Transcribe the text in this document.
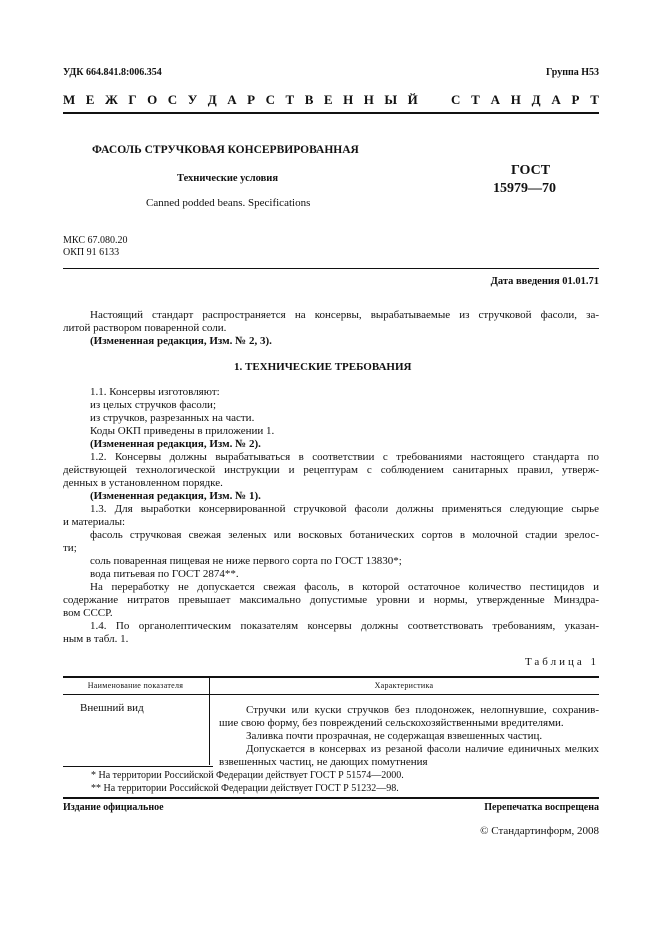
УДК 664.841.8:006.354	Группа Н53
М Е Ж Г О С У Д А Р С Т В Е Н Н Ы Й	С Т А Н Д А Р Т
ФАСОЛЬ СТРУЧКОВАЯ КОНСЕРВИРОВАННАЯ
Технические условия
Canned podded beans. Specifications
ГОСТ
15979—70
МКС 67.080.20
ОКП 91 6133
Дата введения 01.01.71
Настоящий стандарт распространяется на консервы, вырабатываемые из стручковой фасоли, за-
литой раствором поваренной соли.
(Измененная редакция, Изм. № 2, 3).
1. ТЕХНИЧЕСКИЕ ТРЕБОВАНИЯ
1.1. Консервы изготовляют:
из целых стручков фасоли;
из стручков, разрезанных на части.
Коды ОКП приведены в приложении 1.
(Измененная редакция, Изм. № 2).
1.2. Консервы должны вырабатываться в соответствии с требованиями настоящего стандарта по
действующей технологической инструкции и рецептурам с соблюдением санитарных правил, утверж-
денных в установленном порядке.
(Измененная редакция, Изм. № 1).
1.3. Для выработки консервированной стручковой фасоли должны применяться следующие сырье
и материалы:
фасоль стручковая свежая зеленых или восковых ботанических сортов в молочной стадии зрелос-
ти;
соль поваренная пищевая не ниже первого сорта по ГОСТ 13830*;
вода питьевая по ГОСТ 2874**.
На переработку не допускается свежая фасоль, в которой остаточное количество пестицидов и
содержание нитратов превышает максимально допустимые уровни и нормы, утвержденные Минздра-
вом СССР.
1.4. По органолептическим показателям консервы должны соответствовать требованиям, указан-
ным в табл. 1.
Таблица 1
Наименование показателя	Характеристика
Внешний вид	Стручки или куски стручков без плодоножек, нелопнувшие, сохранив-
шие свою форму, без повреждений сельскохозяйственными вредителями.
Заливка почти прозрачная, не содержащая взвешенных частиц.
Допускается в консервах из резаной фасоли наличие единичных мелких
взвешенных частиц, не дающих помутнения
* На территории Российской Федерации действует ГОСТ Р 51574—2000.
** На территории Российской Федерации действует ГОСТ Р 51232—98.
Издание официальное	Перепечатка воспрещена
© Стандартинформ, 2008
